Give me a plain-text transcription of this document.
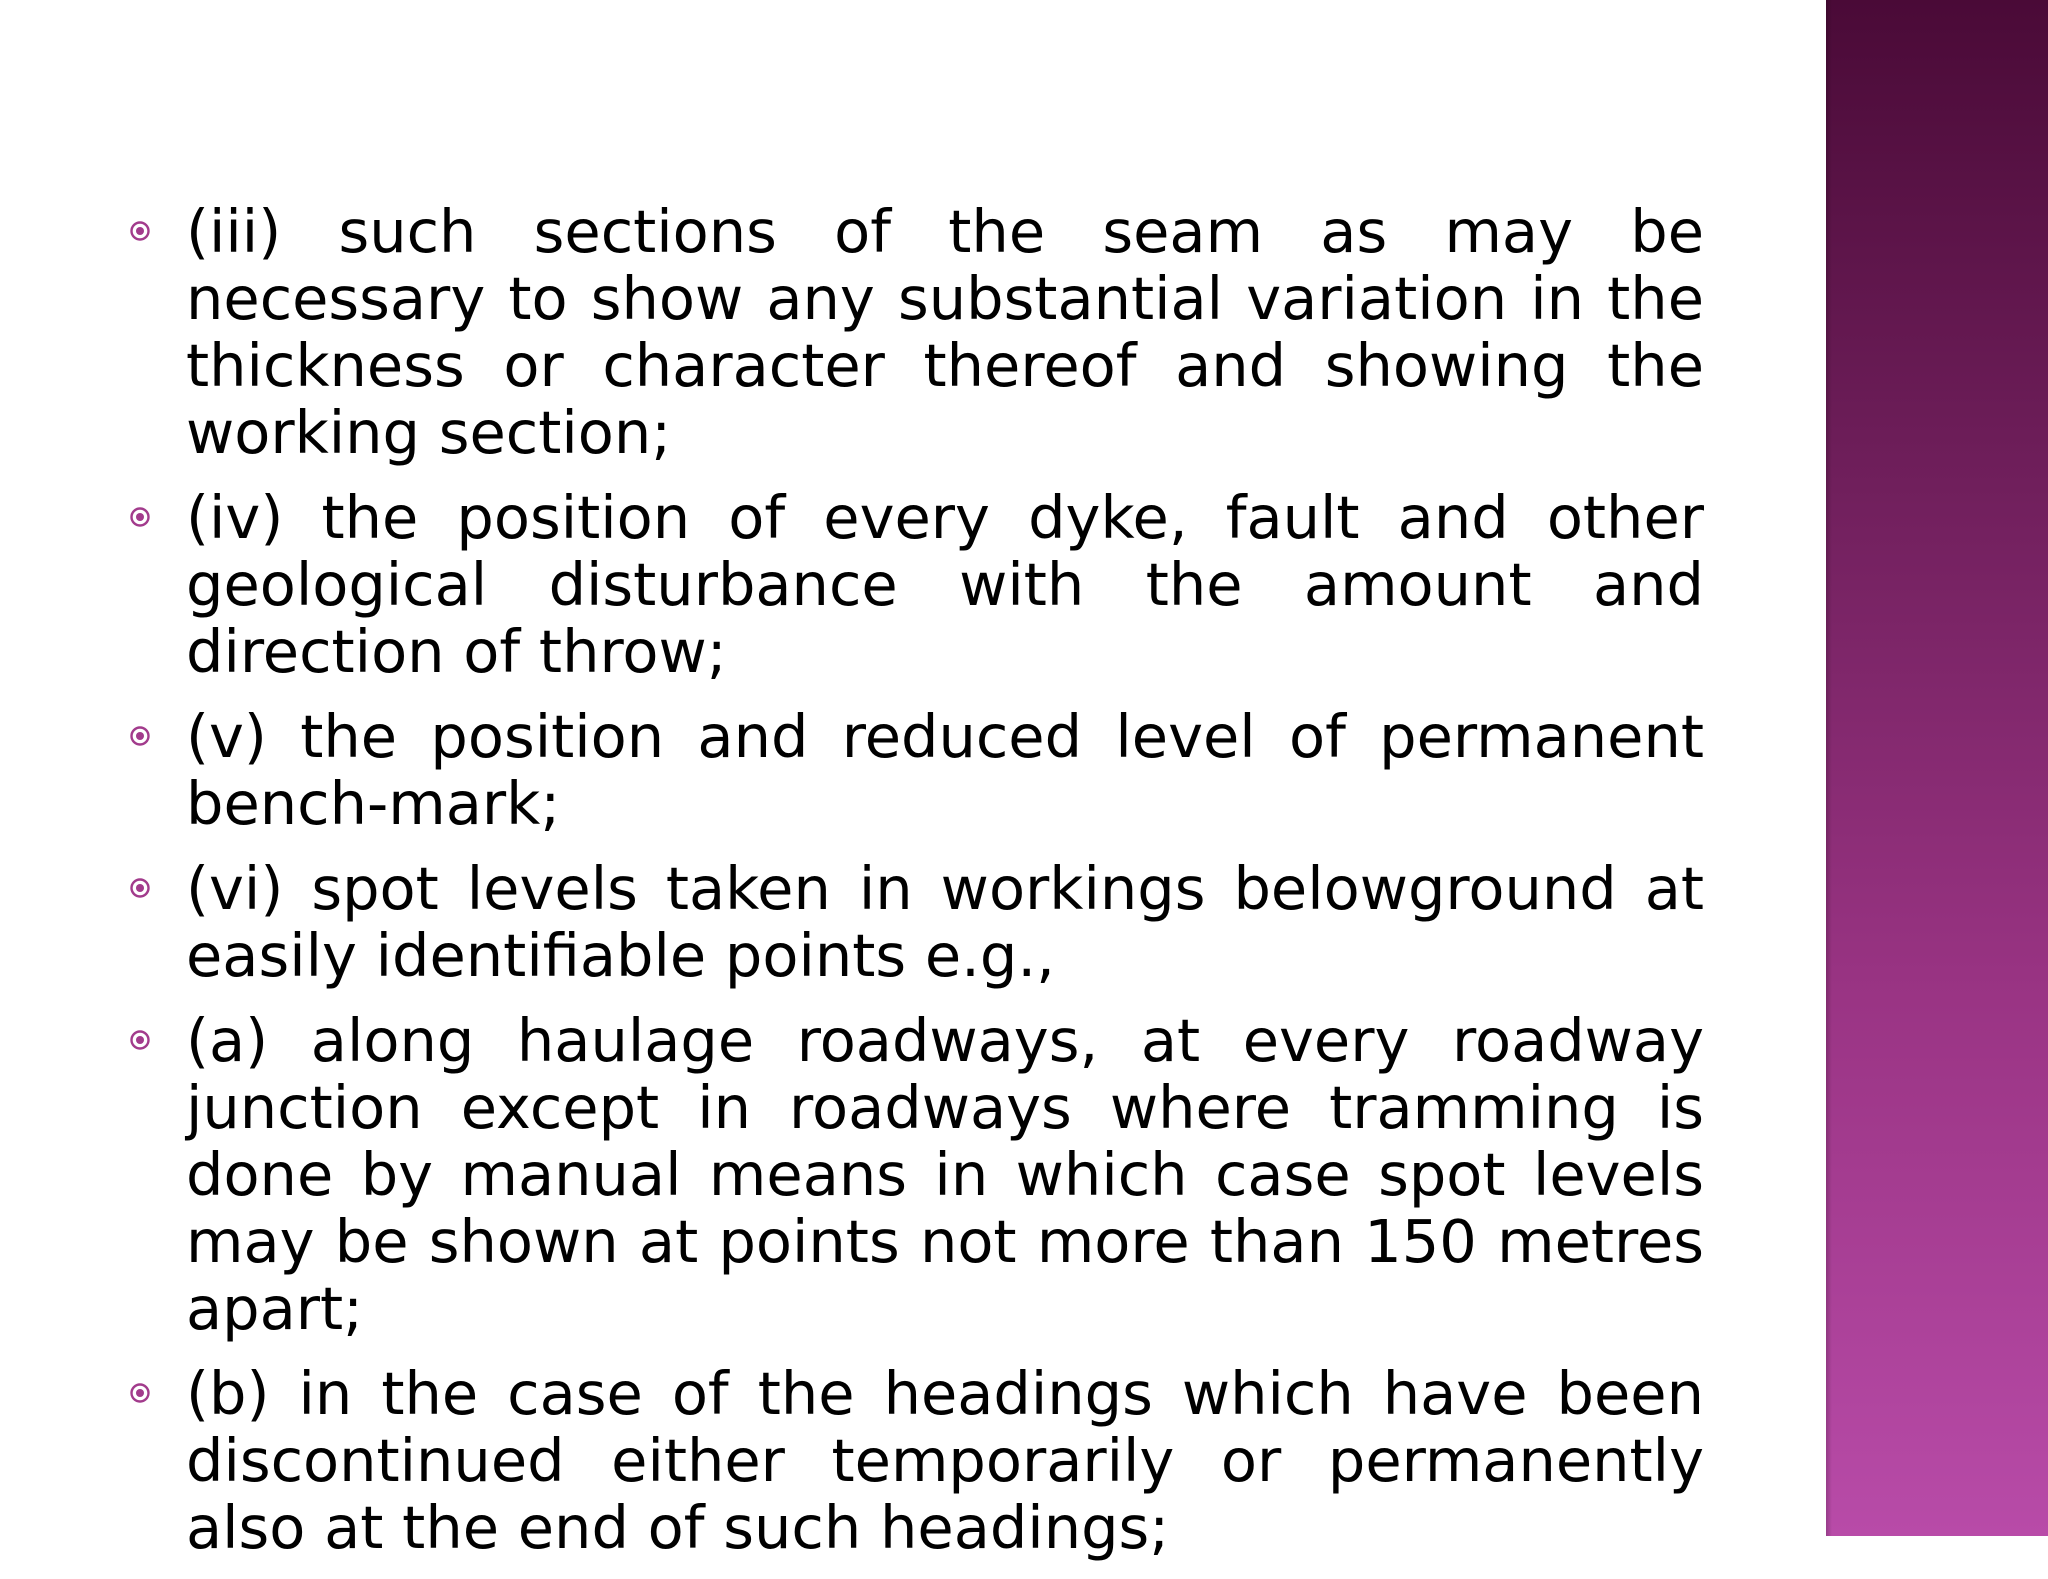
(iii) such sections of the seam as may be necessary to show any substantial variation in the thickness or character thereof and showing the working section;
(iv) the position of every dyke, fault and other geological disturbance with the amount and direction of throw;
(v) the position and reduced level of permanent bench-mark;
(vi) spot levels taken in workings belowground at easily identifiable points e.g.,
(a) along haulage roadways, at every roadway junction except in roadways where tramming is done by manual means in which case spot levels may be shown at points not more than 150 metres apart;
(b) in the case of the headings which have been discontinued either temporarily or permanently also at the end of such headings;
